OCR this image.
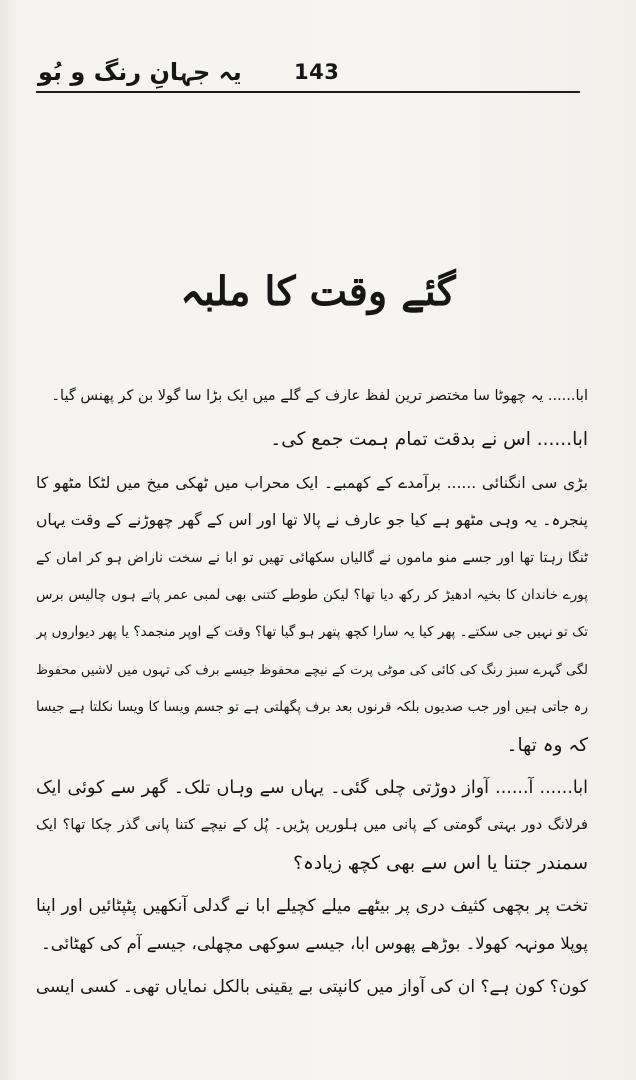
یہ جہانِ رنگ و بُو 143
گئے وقت کا ملبہ
ابا...... یہ چھوٹا سا مختصر ترین لفظ عارف کے گلے میں ایک بڑا سا گولا بن کر پھنس گیا۔
ابا...... اس نے بدقت تمام ہمت جمع کی۔
بڑی سی انگنائی ...... برآمدے کے کھمبے۔ ایک محراب میں ٹھکی میخ میں لٹکا مٹھو کا
پنجرہ۔ یہ وہی مٹھو ہے کیا جو عارف نے پالا تھا اور اس کے گھر چھوڑنے کے وقت یہاں
ٹنگا رہتا تھا اور جسے منو ماموں نے گالیاں سکھائی تھیں تو ابا نے سخت ناراض ہو کر اماں کے
پورے خاندان کا بخیہ ادھیڑ کر رکھ دیا تھا؟ لیکن طوطے کتنی بھی لمبی عمر پاتے ہوں چالیس برس
تک تو نہیں جی سکتے۔ پھر کیا یہ سارا کچھ پتھر ہو گیا تھا؟ وقت کے اوپر منجمد؟ یا پھر دیواروں پر
لگی گہرے سبز رنگ کی کائی کی موٹی پرت کے نیچے محفوظ جیسے برف کی تہوں میں لاشیں محفوظ
رہ جاتی ہیں اور جب صدیوں بلکہ قرنوں بعد برف پگھلتی ہے تو جسم ویسا کا ویسا نکلتا ہے جیسا
کہ وہ تھا۔
ابا...... آ...... آواز دوڑتی چلی گئی۔ یہاں سے وہاں تلک۔ گھر سے کوئی ایک
فرلانگ دور بہتی گومتی کے پانی میں ہلوریں پڑیں۔ پُل کے نیچے کتنا پانی گذر چکا تھا؟ ایک
سمندر جتنا یا اس سے بھی کچھ زیادہ؟
تخت پر بچھی کثیف دری پر بیٹھے میلے کچیلے ابا نے گدلی آنکھیں پٹپٹائیں اور اپنا
پوپلا مونہہ کھولا۔ بوڑھے پھوس ابا، جیسے سوکھی مچھلی، جیسے آم کی کھٹائی۔
کون؟ کون ہے؟ ان کی آواز میں کانپتی بے یقینی بالکل نمایاں تھی۔ کسی ایسی
